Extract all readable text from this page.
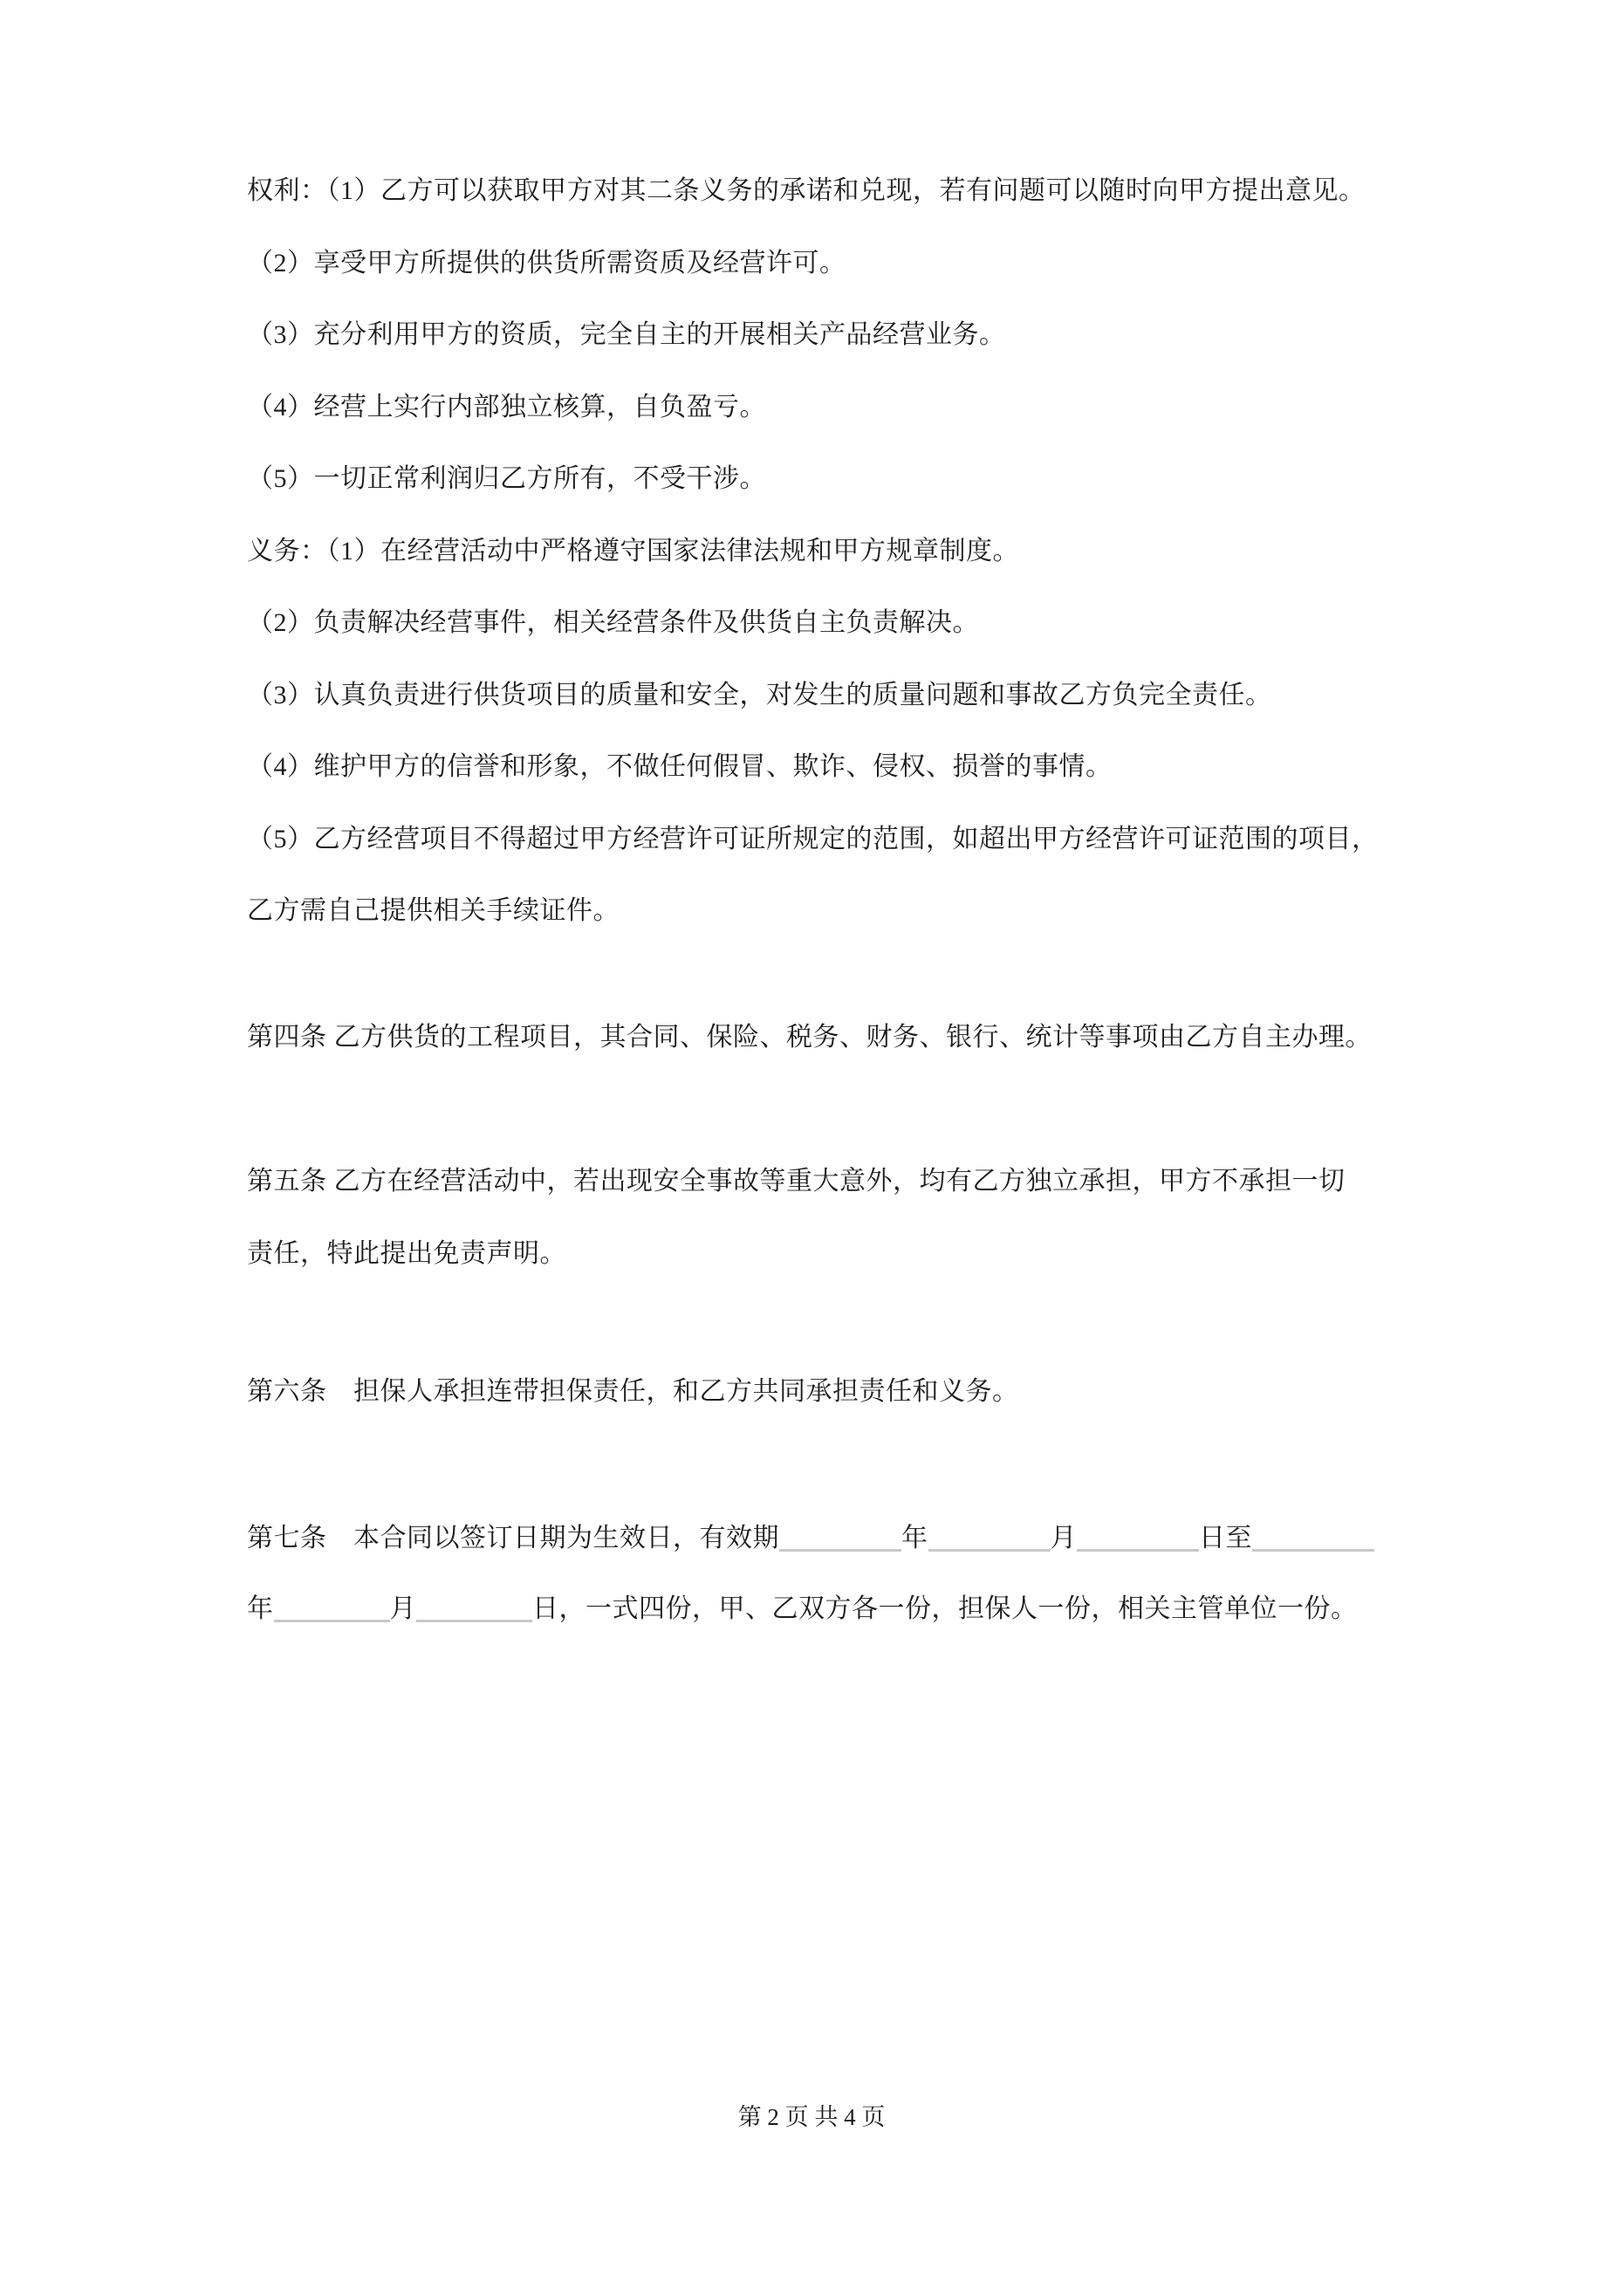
权利：（1）乙方可以获取甲方对其二条义务的承诺和兑现，若有问题可以随时向甲方提出意见。
（2）享受甲方所提供的供货所需资质及经营许可。
（3）充分利用甲方的资质，完全自主的开展相关产品经营业务。
（4）经营上实行内部独立核算，自负盈亏。
（5）一切正常利润归乙方所有，不受干涉。
义务：（1）在经营活动中严格遵守国家法律法规和甲方规章制度。
（2）负责解决经营事件，相关经营条件及供货自主负责解决。
（3）认真负责进行供货项目的质量和安全，对发生的质量问题和事故乙方负完全责任。
（4）维护甲方的信誉和形象，不做任何假冒、欺诈、侵权、损誉的事情。
（5）乙方经营项目不得超过甲方经营许可证所规定的范围，如超出甲方经营许可证范围的项目，
乙方需自己提供相关手续证件。
第四条 乙方供货的工程项目，其合同、保险、税务、财务、银行、统计等事项由乙方自主办理。
第五条 乙方在经营活动中，若出现安全事故等重大意外，均有乙方独立承担，甲方不承担一切
责任，特此提出免责声明。
第六条　担保人承担连带担保责任，和乙方共同承担责任和义务。
第七条　本合同以签订日期为生效日，有效期	年	月	日至
年	月	日，一式四份，甲、乙双方各一份，担保人一份，相关主管单位一份。
第 2 页 共 4 页
